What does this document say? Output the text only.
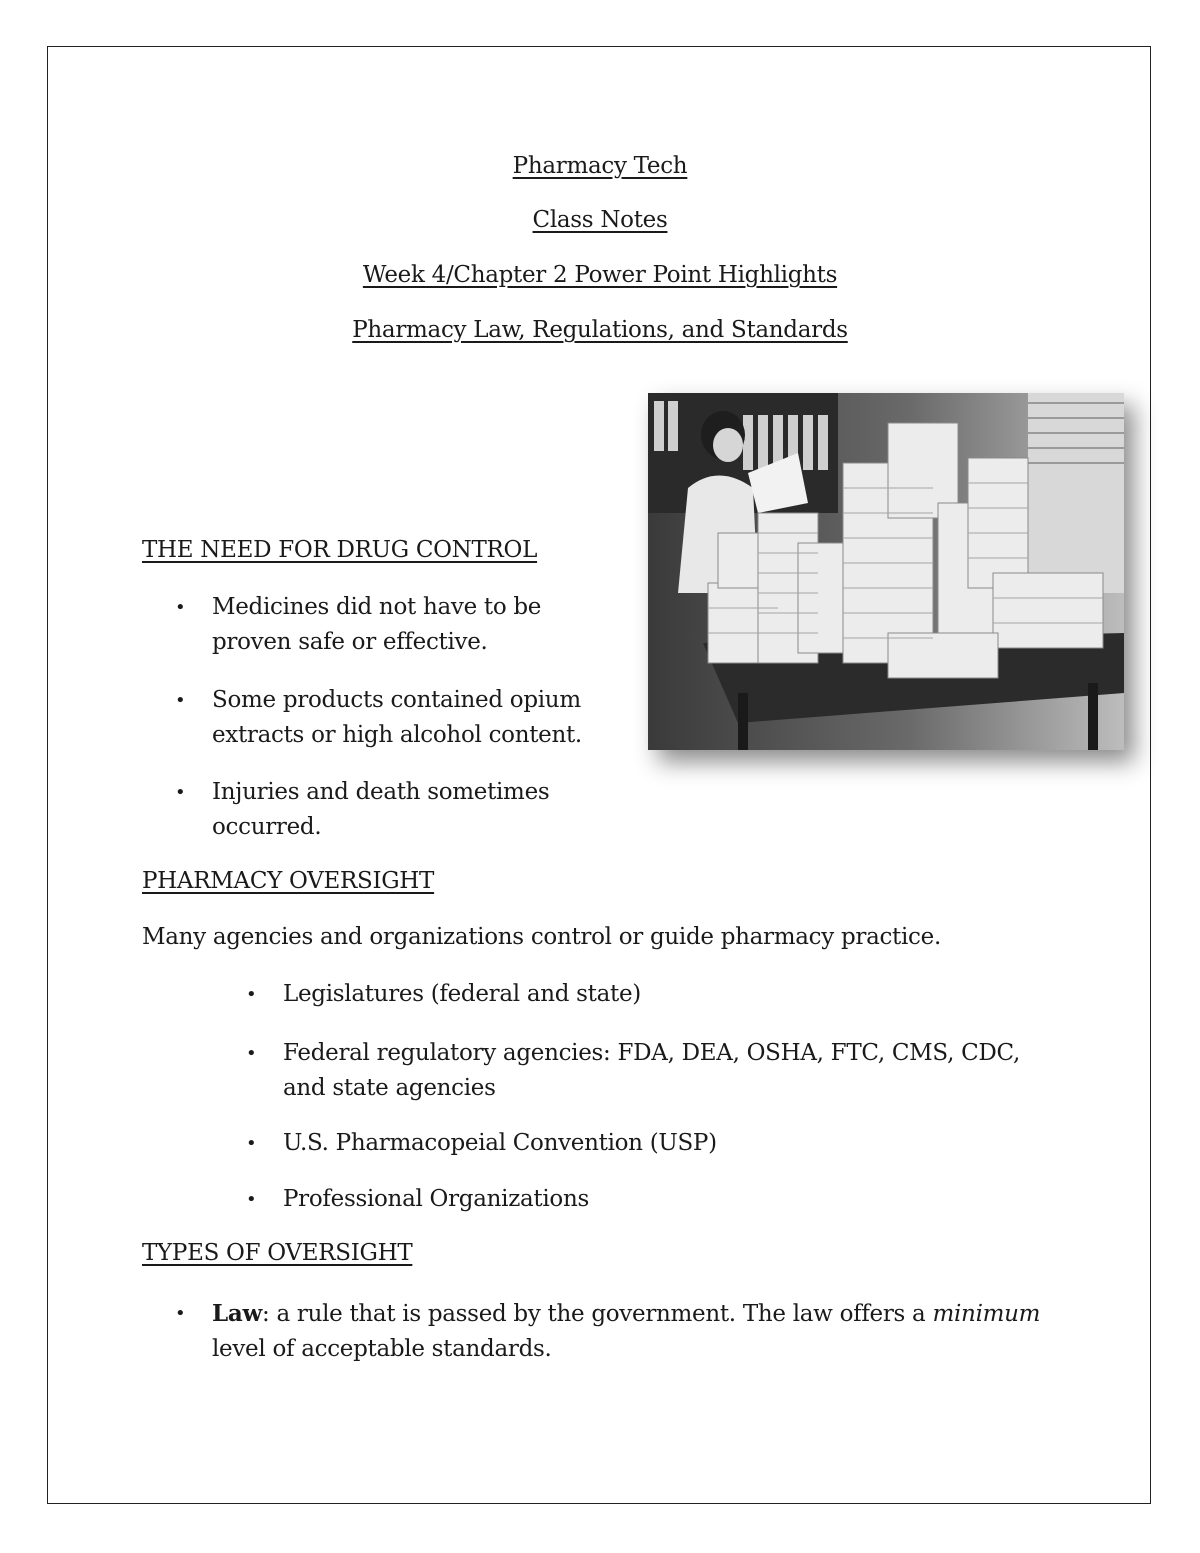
Pharmacy Tech
Class Notes
Week 4/Chapter 2 Power Point Highlights
Pharmacy Law, Regulations, and Standards
THE NEED FOR DRUG CONTROL
• Medicines did not have to be
proven safe or effective.
• Some products contained opium
extracts or high alcohol content.
• Injuries and death sometimes
occurred.
PHARMACY OVERSIGHT
Many agencies and organizations control or guide pharmacy practice.
• Legislatures (federal and state)
• Federal regulatory agencies: FDA, DEA, OSHA, FTC, CMS, CDC,
and state agencies
• U.S. Pharmacopeial Convention (USP)
• Professional Organizations
TYPES OF OVERSIGHT
• Law: a rule that is passed by the government. The law offers a minimum
level of acceptable standards.
